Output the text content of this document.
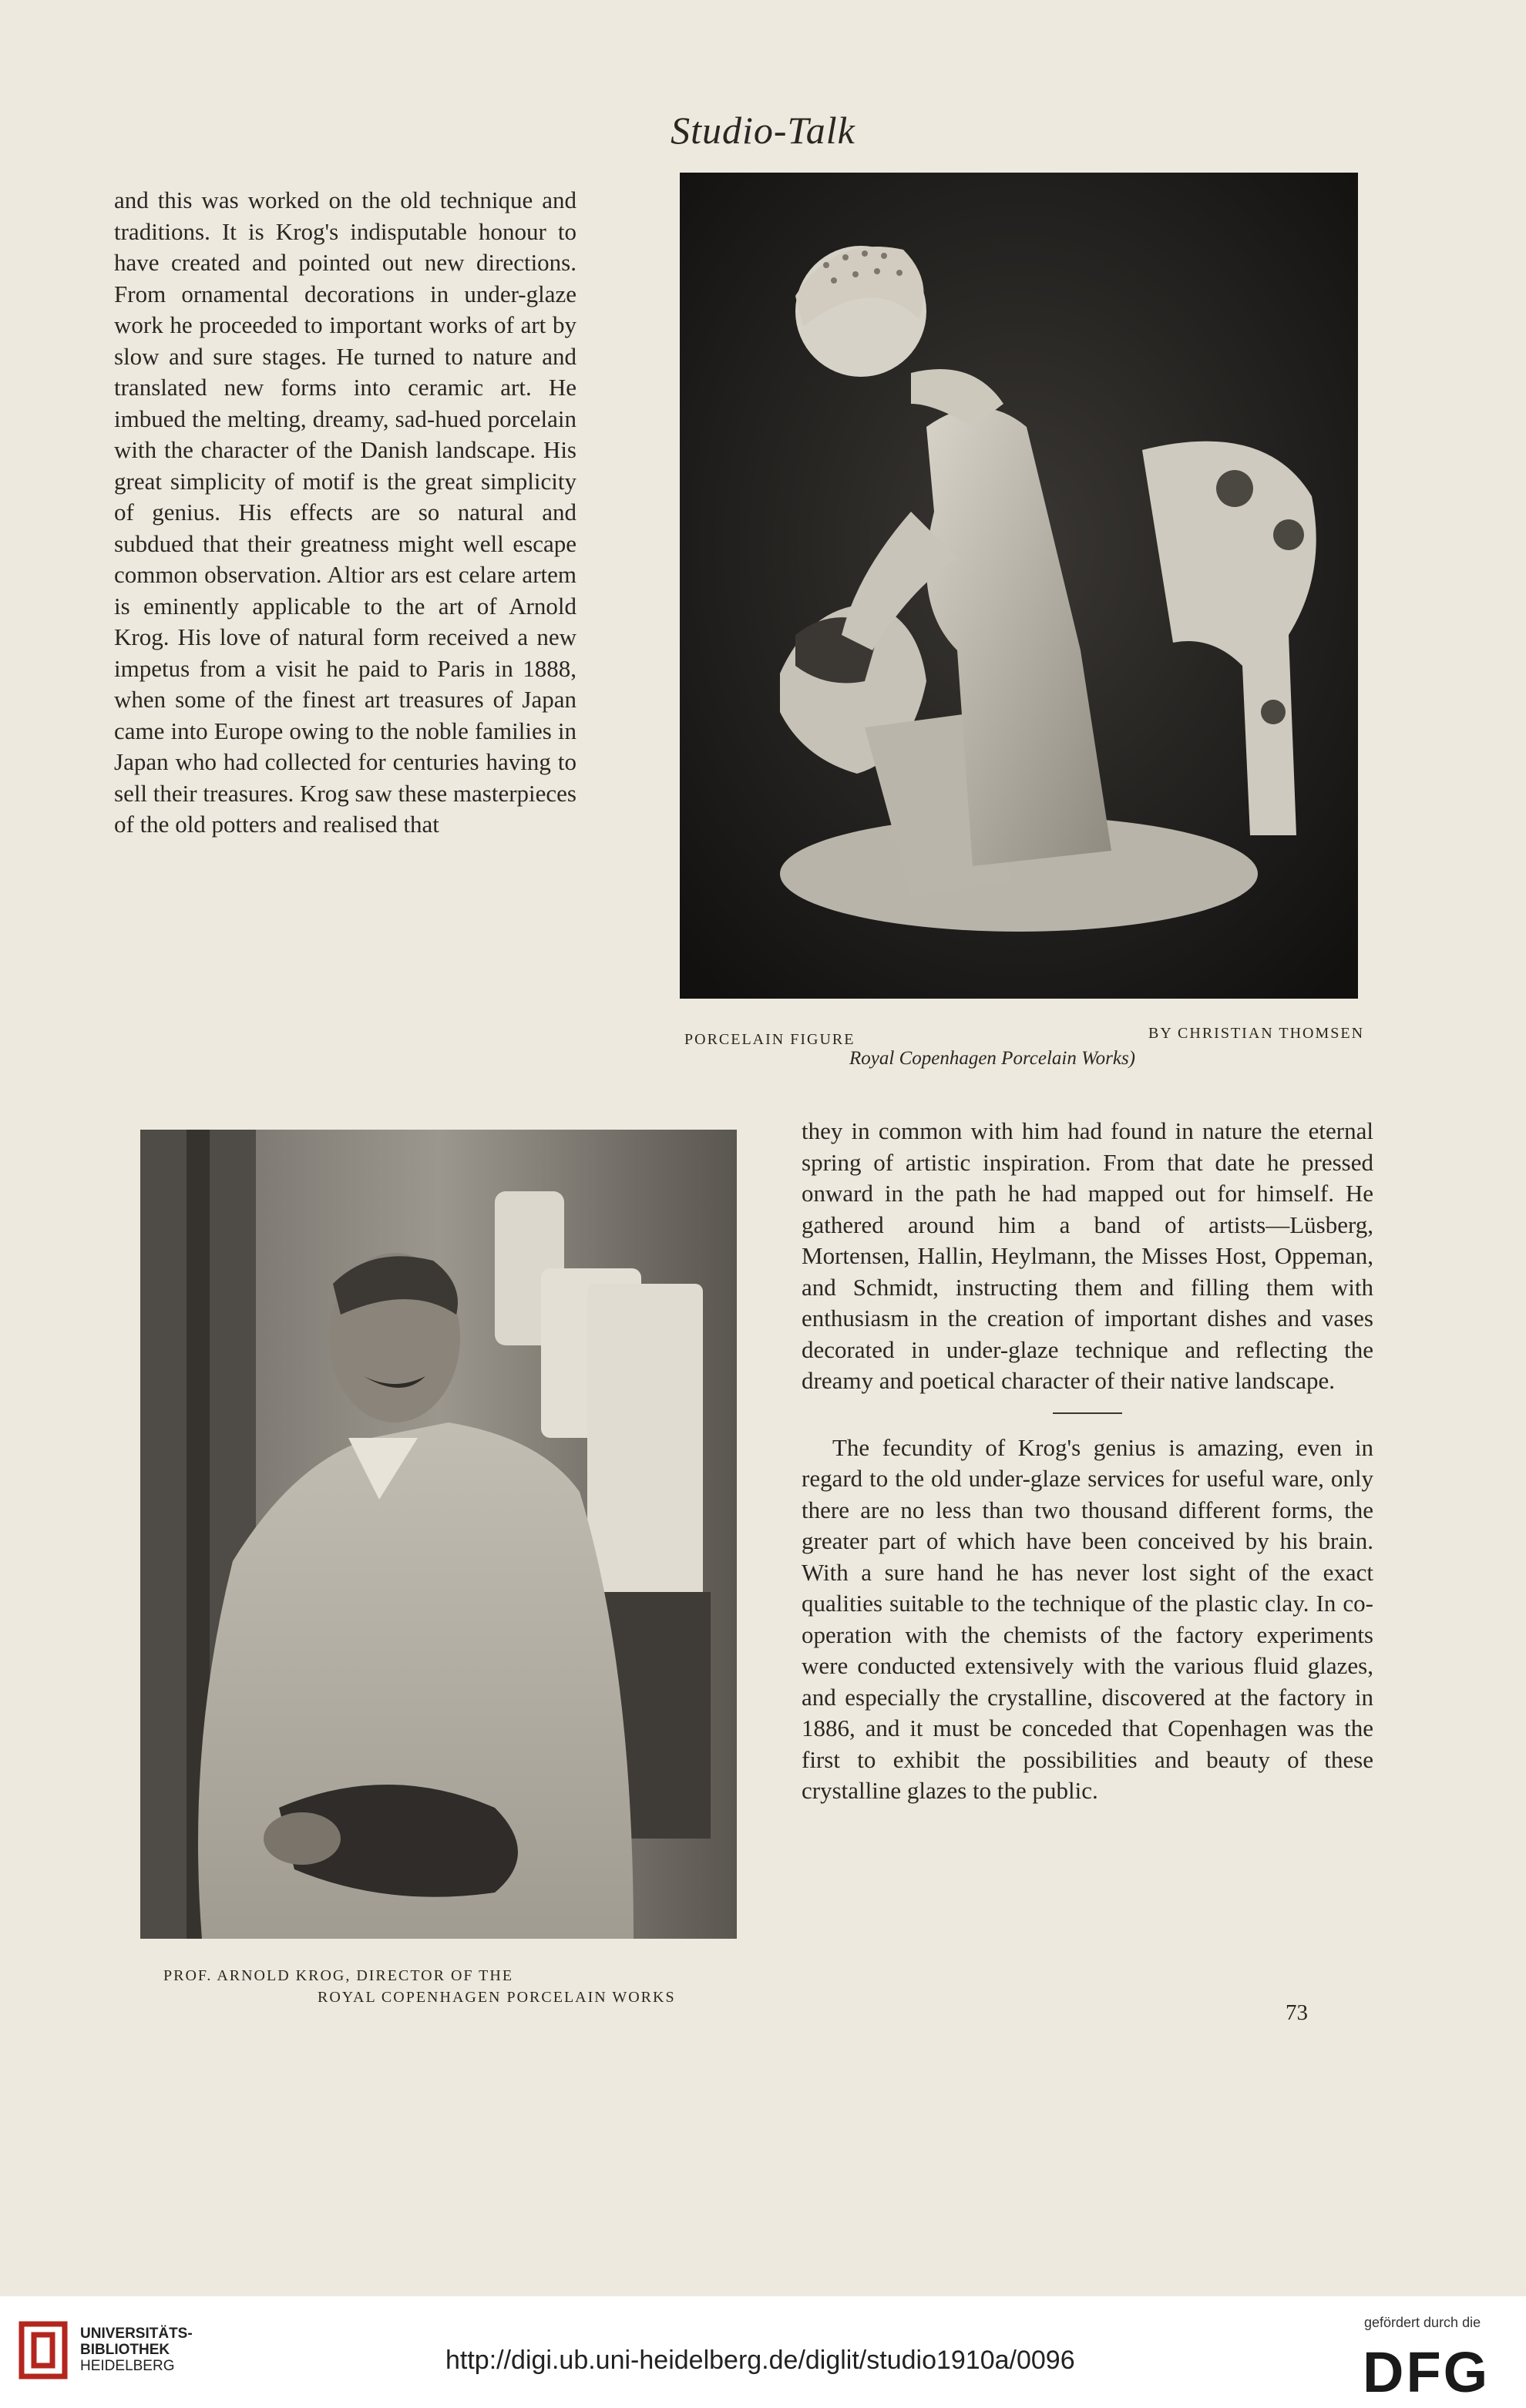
Studio-Talk

and this was worked on the old technique and traditions. It is Krog's indisputable honour to have created and pointed out new directions. From ornamental decorations in under-glaze work he proceeded to important works of art by slow and sure stages. He turned to nature and translated new forms into ceramic art. He imbued the melting, dreamy, sad-hued porcelain with the character of the Danish landscape. His great simplicity of motif is the great simplicity of genius. His effects are so natural and subdued that their greatness might well escape common observation. Altior ars est celare artem is eminently applicable to the art of Arnold Krog. His love of natural form received a new impetus from a visit he paid to Paris in 1888, when some of the finest art treasures of Japan came into Europe owing to the noble families in Japan who had collected for centuries having to sell their treasures. Krog saw these masterpieces of the old potters and realised that

PORCELAIN FIGURE	BY CHRISTIAN THOMSEN
Royal Copenhagen Porcelain Works)
PROF. ARNOLD KROG, DIRECTOR OF THE
ROYAL COPENHAGEN PORCELAIN WORKS

they in common with him had found in nature the eternal spring of artistic inspiration. From that date he pressed onward in the path he had mapped out for himself. He gathered around him a band of artists—Lüsberg, Mortensen, Hallin, Heylmann, the Misses Host, Oppeman, and Schmidt, instructing them and filling them with enthusiasm in the creation of important dishes and vases decorated in under-glaze technique and reflecting the dreamy and poetical character of their native landscape.

The fecundity of Krog's genius is amazing, even in regard to the old under-glaze services for useful ware, only there are no less than two thousand different forms, the greater part of which have been conceived by his brain. With a sure hand he has never lost sight of the exact qualities suitable to the technique of the plastic clay. In co-operation with the chemists of the factory experiments were conducted extensively with the various fluid glazes, and especially the crystalline, discovered at the factory in 1886, and it must be conceded that Copenhagen was the first to exhibit the possibilities and beauty of these crystalline glazes to the public.

73
UNIVERSITÄTS-
BIBLIOTHEK
HEIDELBERG	http://digi.ub.uni-heidelberg.de/diglit/studio1910a/0096
gefördert durch die
DFG
